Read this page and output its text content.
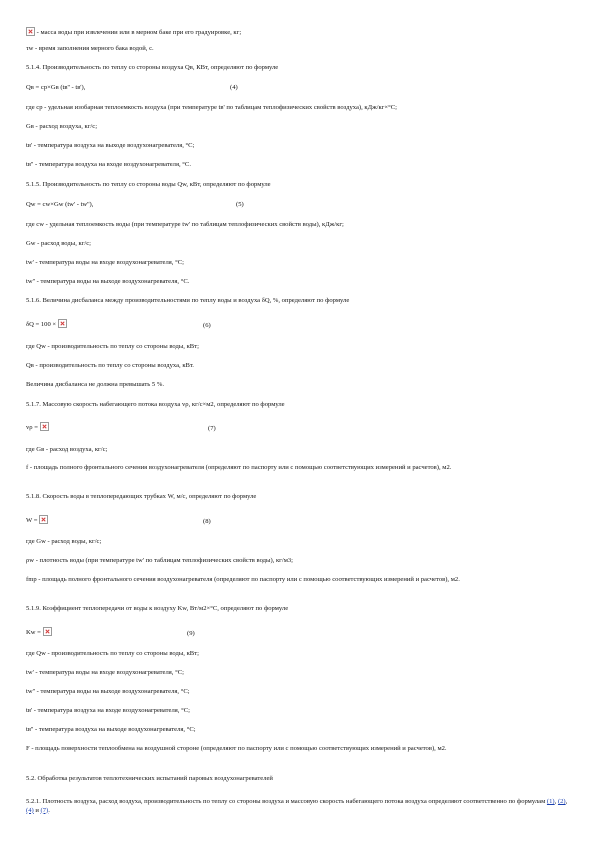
- масса воды при извлечении или в мерном баке при его градуировке, кг;
τw - время заполнения мерного бака водой, с.
5.1.4. Производительность по теплу со стороны воздуха Qв, КВт, определяют по формуле
Qв = cp×Gв (tв'' - tв'),	(4)
где cp - удельная изобарная теплоемкость воздуха (при температуре tв' по таблицам теплофизических свойств воздуха), кДж/кг×°С;
Gв - расход воздуха, кг/с;
tв' - температура воздуха на выходе воздухонагревателя, °С;
tв'' - температура воздуха на входе воздухонагревателя, °С.
5.1.5. Производительность по теплу со стороны воды Qw, кВт, определяют по формуле
Qw = cw×Gw (tw' - tw''),	(5)
где cw - удельная теплоемкость воды (при температуре tw' по таблицам теплофизических свойств воды), кДж/кг;
Gw - расход воды, кг/с;
tw' - температура воды на входе воздухонагревателя, °С;
tw'' - температура воды на выходе воздухонагревателя, °С.
5.1.6. Величина дисбаланса между производительностями по теплу воды и воздуха δQ, %, определяют по формуле
δQ = 100 ×	(6)
где Qw - производительность по теплу со стороны воды, кВт;
Qв - производительность по теплу со стороны воздуха, кВт.
Величина дисбаланса не должна превышать 5 %.
5.1.7. Массовую скорость набегающего потока воздуха vρ, кг/с×м2, определяют по формуле
vρ =	(7)
где Gв - расход воздуха, кг/с;
f - площадь полного фронтального сечения воздухонагревателя (определяют по паспорту или с помощью соответствующих измерений и расчетов), м2.
5.1.8. Скорость воды в теплопередающих трубках W, м/с, определяют по формуле
W =	(8)
где Gw - расход воды, кг/с;
ρw - плотность воды (при температуре tw' по таблицам теплофизических свойств воды), кг/м3;
fmp - площадь полного фронтального сечения воздухонагревателя (определяют по паспорту или с помощью соответствующих измерений и расчетов), м2.
5.1.9. Коэффициент теплопередачи от воды к воздуху Kw, Вт/м2×°С, определяют по формуле
Kw =	(9)
где Qw - производительность по теплу со стороны воды, кВт;
tw' - температура воды на входе воздухонагревателя, °С;
tw'' - температура воды на выходе воздухонагревателя, °С;
tв' - температура воздуха на входе воздухонагревателя, °С;
tв'' - температура воздуха на выходе воздухонагревателя, °С;
F - площадь поверхности теплообмена на воздушной стороне (определяют по паспорту или с помощью соответствующих измерений и расчетов), м2.
5.2. Обработка результатов теплотехнических испытаний паровых воздухонагревателей
5.2.1. Плотность воздуха, расход воздуха, производительность по теплу со стороны воздуха и массовую скорость набегающего потока воздуха определяют соответственно по формулам (1), (2), (4) и (7).
